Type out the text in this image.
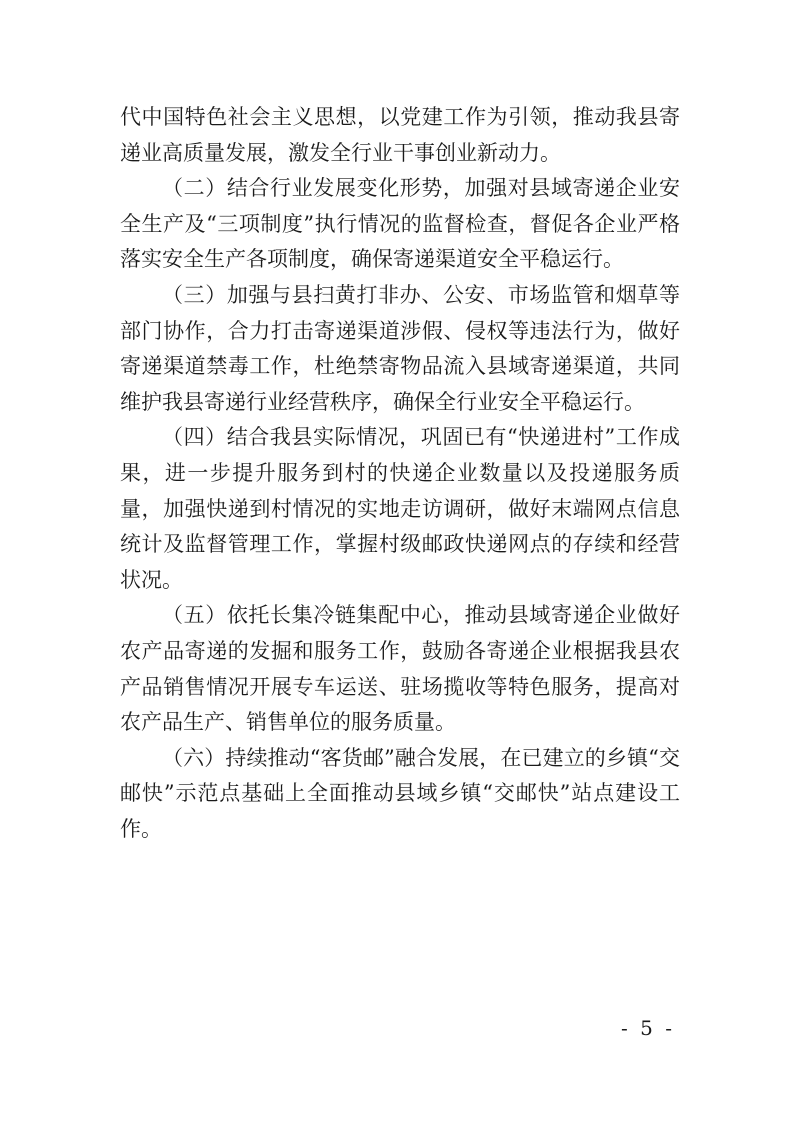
代中国特色社会主义思想，以党建工作为引领，推动我县寄递业高质量发展，激发全行业干事创业新动力。

（二）结合行业发展变化形势，加强对县域寄递企业安全生产及“三项制度”执行情况的监督检查，督促各企业严格落实安全生产各项制度，确保寄递渠道安全平稳运行。

（三）加强与县扫黄打非办、公安、市场监管和烟草等部门协作，合力打击寄递渠道涉假、侵权等违法行为，做好寄递渠道禁毒工作，杜绝禁寄物品流入县域寄递渠道，共同维护我县寄递行业经营秩序，确保全行业安全平稳运行。

（四）结合我县实际情况，巩固已有“快递进村”工作成果，进一步提升服务到村的快递企业数量以及投递服务质量，加强快递到村情况的实地走访调研，做好末端网点信息统计及监督管理工作，掌握村级邮政快递网点的存续和经营状况。

（五）依托长集冷链集配中心，推动县域寄递企业做好农产品寄递的发掘和服务工作，鼓励各寄递企业根据我县农产品销售情况开展专车运送、驻场揽收等特色服务，提高对农产品生产、销售单位的服务质量。

（六）持续推动“客货邮”融合发展，在已建立的乡镇“交邮快”示范点基础上全面推动县域乡镇“交邮快”站点建设工作。

- 5 -
